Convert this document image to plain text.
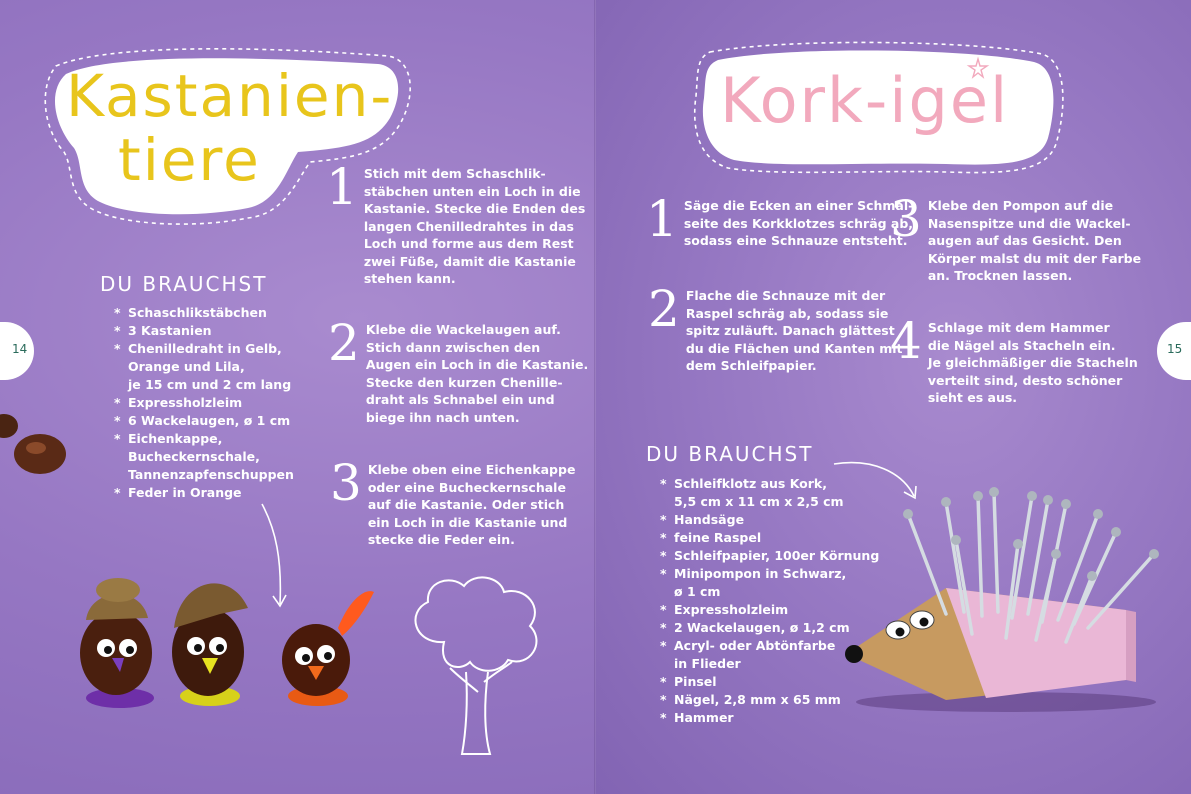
Kastanien-
tiere
DU BRAUCHST
* Schaschlikstäbchen
* 3 Kastanien
* Chenilledraht in Gelb,
Orange und Lila,
je 15 cm und 2 cm lang
* Expressholzleim
* 6 Wackelaugen, ø 1 cm
* Eichenkappe,
Bucheckernschale,
Tannenzapfenschuppen
* Feder in Orange
1 Stich mit dem Schaschlik-
stäbchen unten ein Loch in die
Kastanie. Stecke die Enden des
langen Chenilledrahtes in das
Loch und forme aus dem Rest
zwei Füße, damit die Kastanie
stehen kann.
2 Klebe die Wackelaugen auf.
Stich dann zwischen den
Augen ein Loch in die Kastanie.
Stecke den kurzen Chenille-
draht als Schnabel ein und
biege ihn nach unten.
3 Klebe oben eine Eichenkappe
oder eine Bucheckernschale
auf die Kastanie. Oder stich
ein Loch in die Kastanie und
stecke die Feder ein.
14
Kork-igel
1 Säge die Ecken an einer Schmal-
seite des Korkklotzes schräg ab,
sodass eine Schnauze entsteht.
2 Flache die Schnauze mit der
Raspel schräg ab, sodass sie
spitz zuläuft. Danach glättest
du die Flächen und Kanten mit
dem Schleifpapier.
3 Klebe den Pompon auf die
Nasenspitze und die Wackel-
augen auf das Gesicht. Den
Körper malst du mit der Farbe
an. Trocknen lassen.
4 Schlage mit dem Hammer
die Nägel als Stacheln ein.
Je gleichmäßiger die Stacheln
verteilt sind, desto schöner
sieht es aus.
DU BRAUCHST
* Schleifklotz aus Kork,
5,5 cm x 11 cm x 2,5 cm
* Handsäge
* feine Raspel
* Schleifpapier, 100er Körnung
* Minipompon in Schwarz,
ø 1 cm
* Expressholzleim
* 2 Wackelaugen, ø 1,2 cm
* Acryl- oder Abtönfarbe
in Flieder
* Pinsel
* Nägel, 2,8 mm x 65 mm
* Hammer
15
